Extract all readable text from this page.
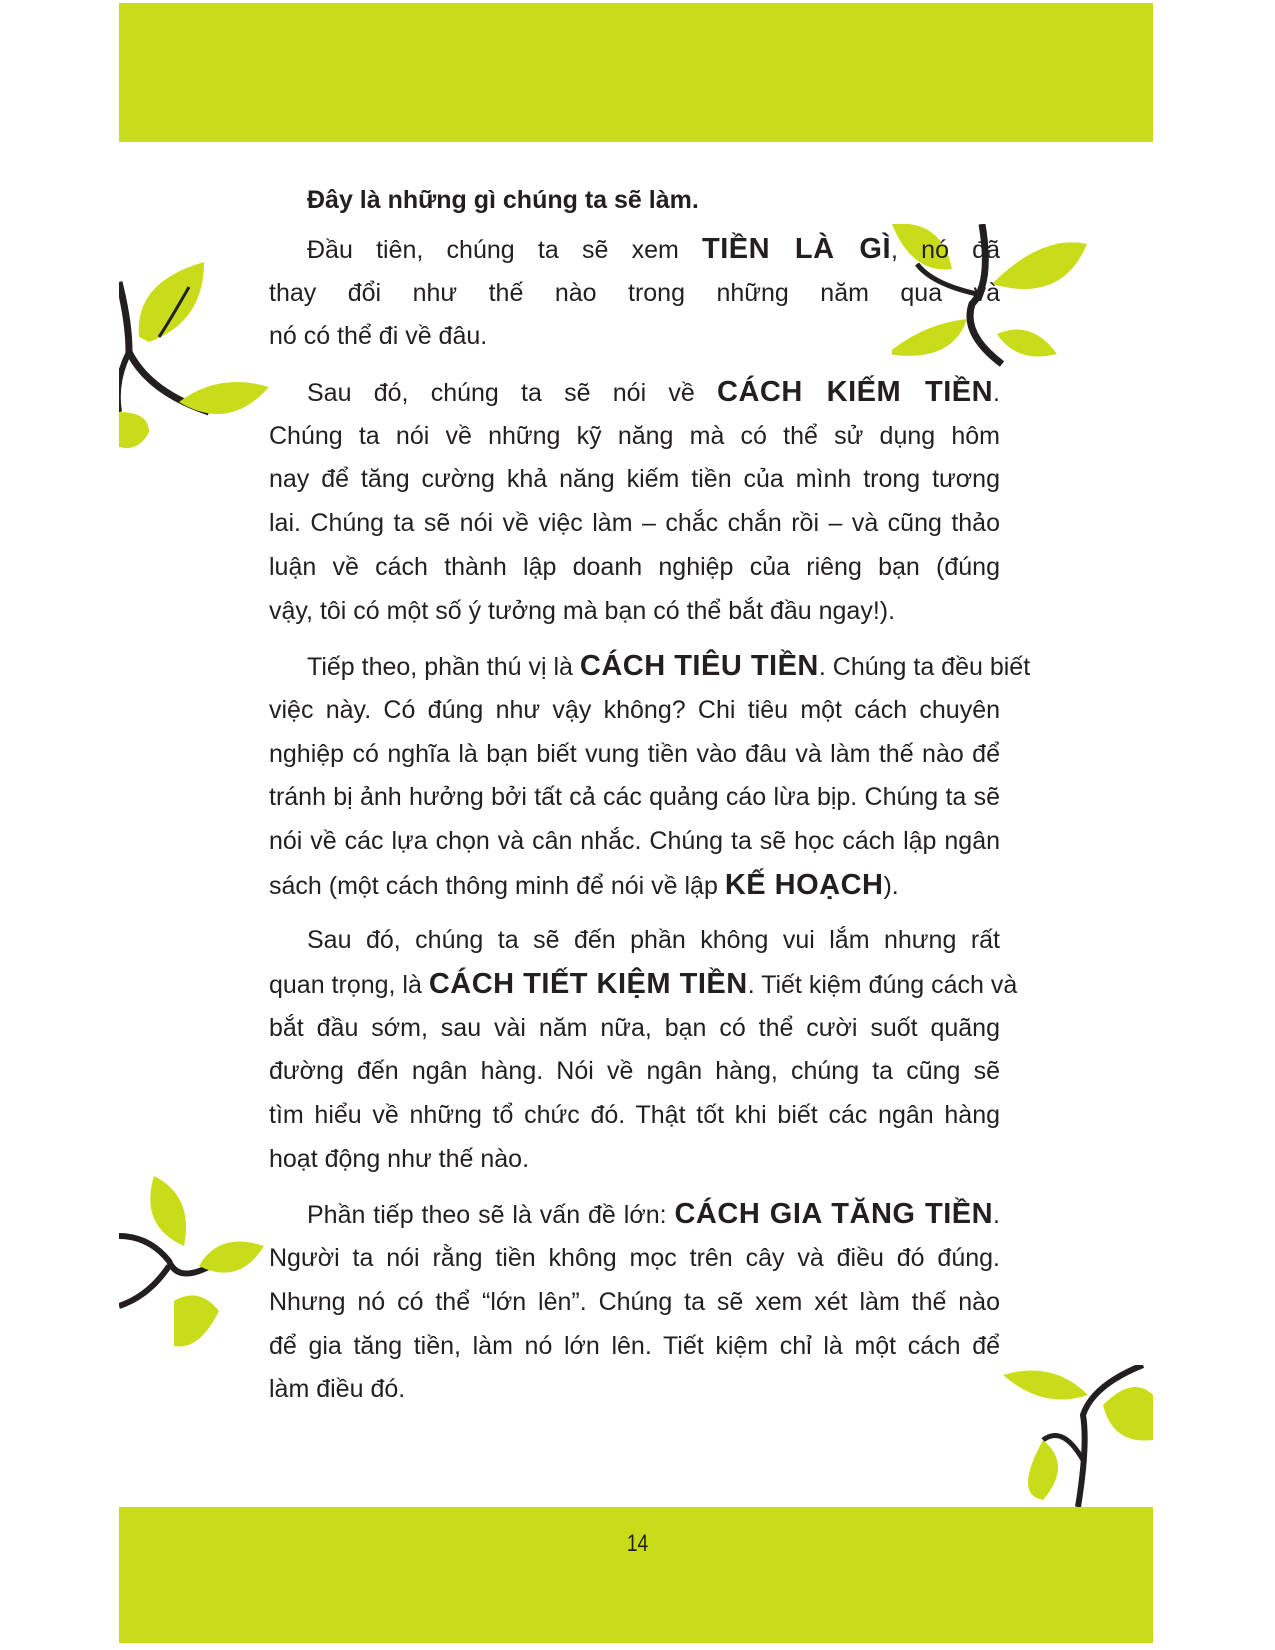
14
Đây là những gì chúng ta sẽ làm.
Đầu tiên, chúng ta sẽ xem TIỀN LÀ GÌ, nó đã
thay đổi như thế nào trong những năm qua và
nó có thể đi về đâu.
Sau đó, chúng ta sẽ nói về CÁCH KIẾM TIỀN.
Chúng ta nói về những kỹ năng mà có thể sử dụng hôm
nay để tăng cường khả năng kiếm tiền của mình trong tương
lai. Chúng ta sẽ nói về việc làm – chắc chắn rồi – và cũng thảo
luận về cách thành lập doanh nghiệp của riêng bạn (đúng
vậy, tôi có một số ý tưởng mà bạn có thể bắt đầu ngay!).
Tiếp theo, phần thú vị là CÁCH TIÊU TIỀN. Chúng ta đều biết
việc này. Có đúng như vậy không? Chi tiêu một cách chuyên
nghiệp có nghĩa là bạn biết vung tiền vào đâu và làm thế nào để
tránh bị ảnh hưởng bởi tất cả các quảng cáo lừa bịp. Chúng ta sẽ
nói về các lựa chọn và cân nhắc. Chúng ta sẽ học cách lập ngân
sách (một cách thông minh để nói về lập KẾ HOẠCH).
Sau đó, chúng ta sẽ đến phần không vui lắm nhưng rất
quan trọng, là CÁCH TIẾT KIỆM TIỀN. Tiết kiệm đúng cách và
bắt đầu sớm, sau vài năm nữa, bạn có thể cười suốt quãng
đường đến ngân hàng. Nói về ngân hàng, chúng ta cũng sẽ
tìm hiểu về những tổ chức đó. Thật tốt khi biết các ngân hàng
hoạt động như thế nào.
Phần tiếp theo sẽ là vấn đề lớn: CÁCH GIA TĂNG TIỀN.
Người ta nói rằng tiền không mọc trên cây và điều đó đúng.
Nhưng nó có thể “lớn lên”. Chúng ta sẽ xem xét làm thế nào
để gia tăng tiền, làm nó lớn lên. Tiết kiệm chỉ là một cách để
làm điều đó.
